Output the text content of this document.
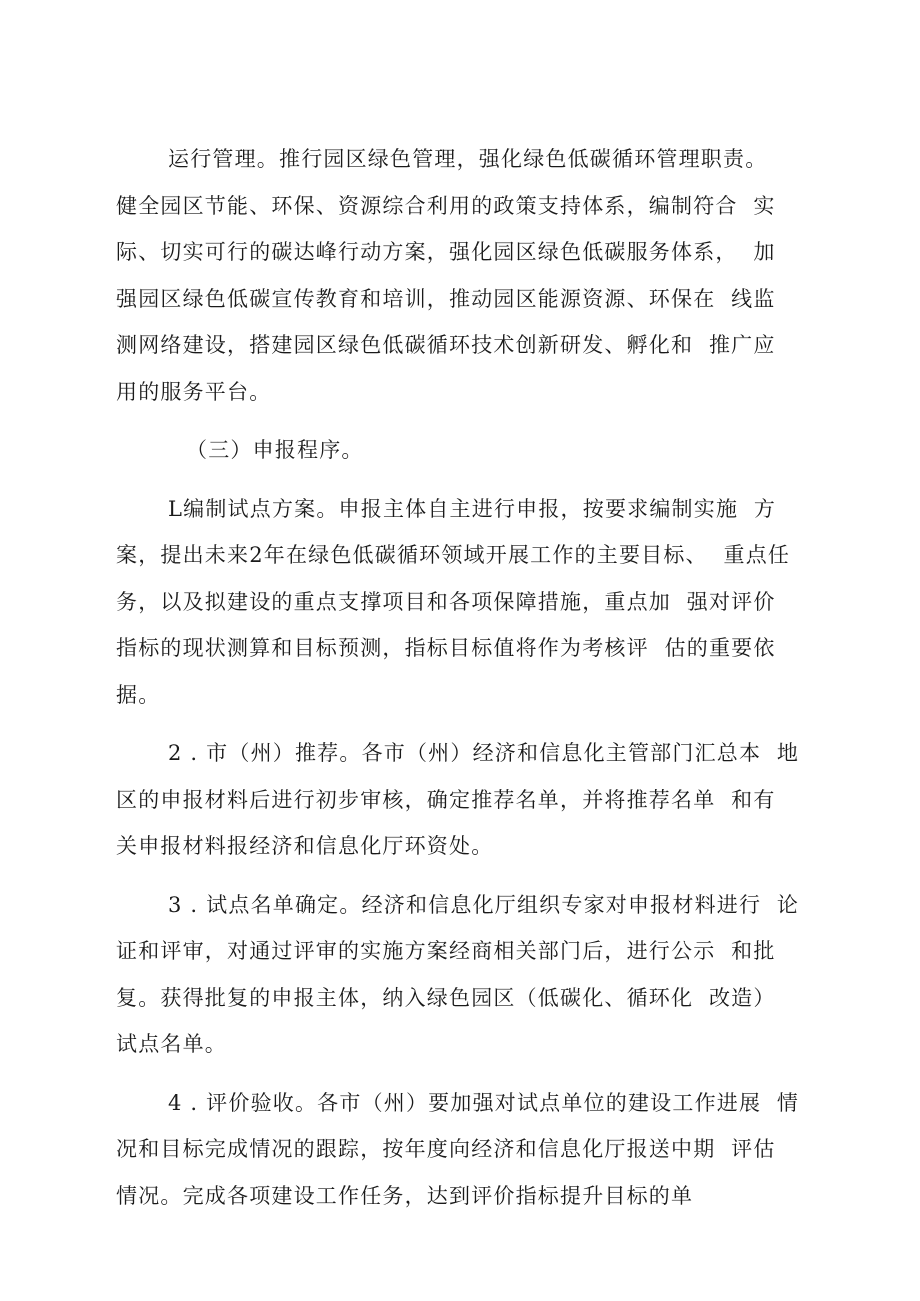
运行管理。推行园区绿色管理，强化绿色低碳循环管理职责。
健全园区节能、环保、资源综合利用的政策支持体系，编制符合  实
际、切实可行的碳达峰行动方案，强化园区绿色低碳服务体系，  加
强园区绿色低碳宣传教育和培训，推动园区能源资源、环保在  线监
测网络建设，搭建园区绿色低碳循环技术创新研发、孵化和  推广应
用的服务平台。
（三）申报程序。
L编制试点方案。申报主体自主进行申报，按要求编制实施  方
案，提出未来2年在绿色低碳循环领域开展工作的主要目标、  重点任
务，以及拟建设的重点支撑项目和各项保障措施，重点加  强对评价
指标的现状测算和目标预测，指标目标值将作为考核评  估的重要依
据。
2 . 市（州）推荐。各市（州）经济和信息化主管部门汇总本  地
区的申报材料后进行初步审核，确定推荐名单，并将推荐名单  和有
关申报材料报经济和信息化厅环资处。
3 . 试点名单确定。经济和信息化厅组织专家对申报材料进行  论
证和评审，对通过评审的实施方案经商相关部门后，进行公示  和批
复。获得批复的申报主体，纳入绿色园区（低碳化、循环化  改造）
试点名单。
4 . 评价验收。各市（州）要加强对试点单位的建设工作进展  情
况和目标完成情况的跟踪，按年度向经济和信息化厅报送中期  评估
情况。完成各项建设工作任务，达到评价指标提升目标的单
